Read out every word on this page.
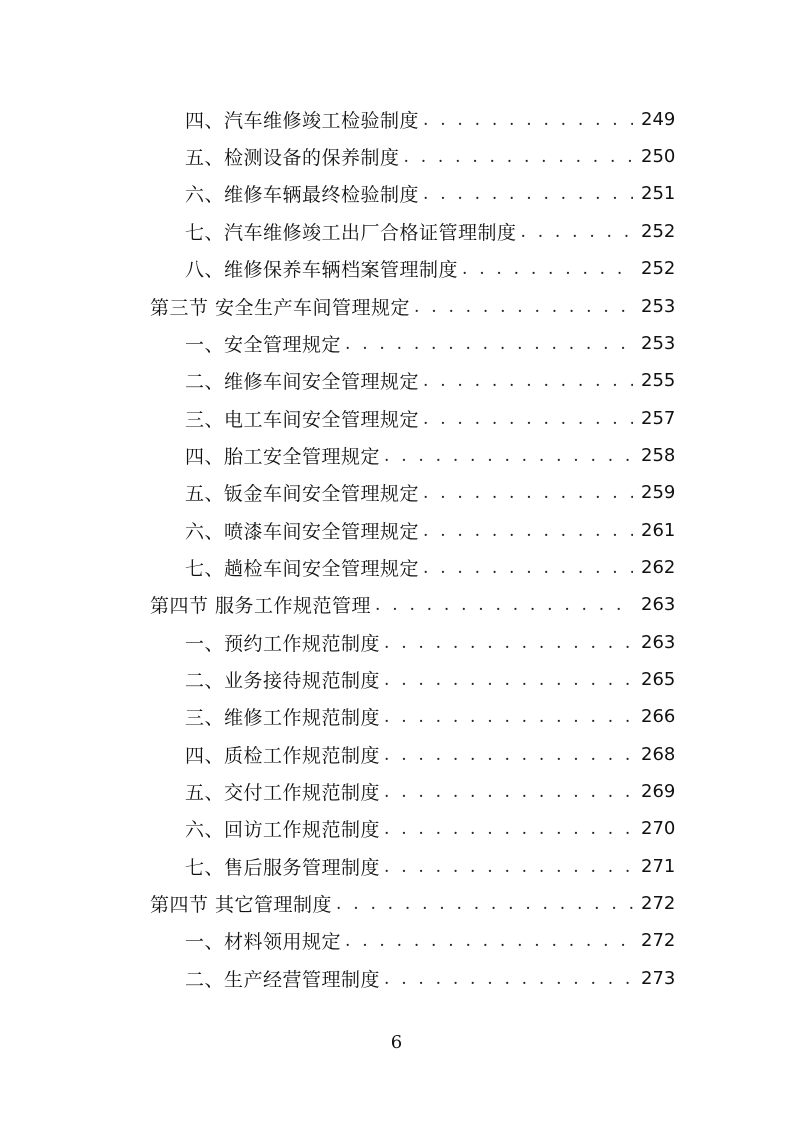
四、汽车维修竣工检验制度 . . .	249
五、检测设备的保养制度 . . .	250
六、维修车辆最终检验制度 . . .	251
七、汽车维修竣工出厂合格证管理制度 . . .	252
八、维修保养车辆档案管理制度 . . .	252
第三节 安全生产车间管理规定 . . .	253
一、安全管理规定 . . .	253
二、维修车间安全管理规定 . . .	255
三、电工车间安全管理规定 . . .	257
四、胎工安全管理规定 . . .	258
五、钣金车间安全管理规定 . . .	259
六、喷漆车间安全管理规定 . . .	261
七、趟检车间安全管理规定 . . .	262
第四节 服务工作规范管理 . . .	263
一、预约工作规范制度 . . .	263
二、业务接待规范制度 . . .	265
三、维修工作规范制度 . . .	266
四、质检工作规范制度 . . .	268
五、交付工作规范制度 . . .	269
六、回访工作规范制度 . . .	270
七、售后服务管理制度 . . .	271
第四节 其它管理制度 . . .	272
一、材料领用规定 . . .	272
二、生产经营管理制度 . . .	273
6
